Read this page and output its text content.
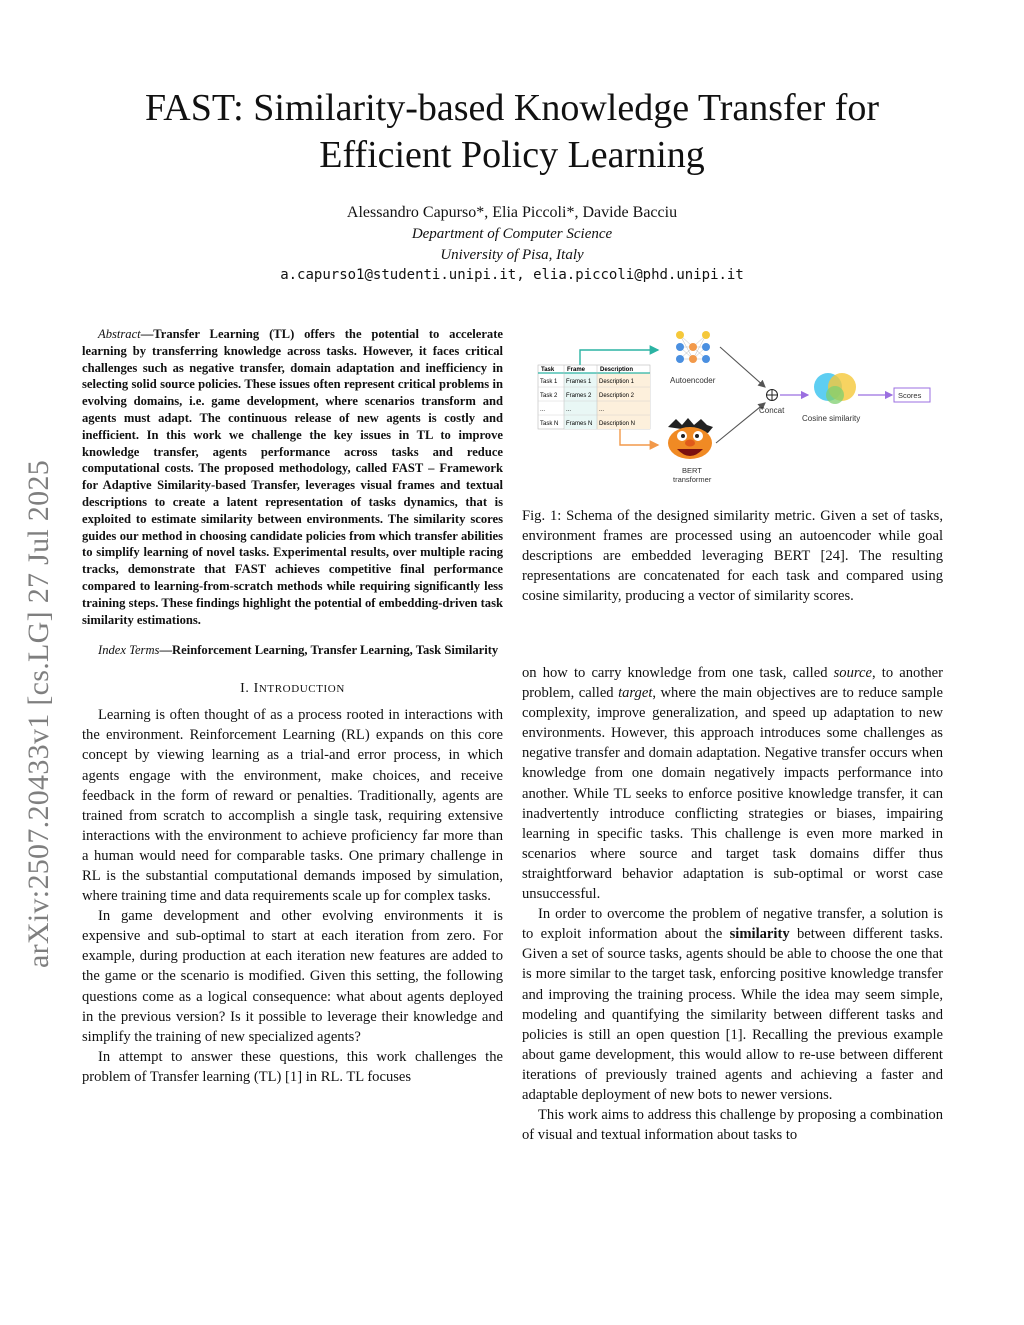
arXiv:2507.20433v1 [cs.LG] 27 Jul 2025
FAST: Similarity-based Knowledge Transfer for Efficient Policy Learning
Alessandro Capurso*, Elia Piccoli*, Davide Bacciu
Department of Computer Science
University of Pisa, Italy
a.capurso1@studenti.unipi.it, elia.piccoli@phd.unipi.it

Abstract—Transfer Learning (TL) offers the potential to accelerate learning by transferring knowledge across tasks. However, it faces critical challenges such as negative transfer, domain adaptation and inefficiency in selecting solid source policies. These issues often represent critical problems in evolving domains, i.e. game development, where scenarios transform and agents must adapt. The continuous release of new agents is costly and inefficient. In this work we challenge the key issues in TL to improve knowledge transfer, agents performance across tasks and reduce computational costs. The proposed methodology, called FAST – Framework for Adaptive Similarity-based Transfer, leverages visual frames and textual descriptions to create a latent representation of tasks dynamics, that is exploited to estimate similarity between environments. The similarity scores guides our method in choosing candidate policies from which transfer abilities to simplify learning of novel tasks. Experimental results, over multiple racing tracks, demonstrate that FAST achieves competitive final performance compared to learning-from-scratch methods while requiring significantly less training steps. These findings highlight the potential of embedding-driven task similarity estimations.

Index Terms—Reinforcement Learning, Transfer Learning, Task Similarity

I. INTRODUCTION

Learning is often thought of as a process rooted in interactions with the environment. Reinforcement Learning (RL) expands on this core concept by viewing learning as a trial-and error process, in which agents engage with the environment, make choices, and receive feedback in the form of reward or penalties. Traditionally, agents are trained from scratch to accomplish a single task, requiring extensive interactions with the environment to achieve proficiency far more than a human would need for comparable tasks. One primary challenge in RL is the substantial computational demands imposed by simulation, where training time and data requirements scale up for complex tasks.

In game development and other evolving environments it is expensive and sub-optimal to start at each iteration from zero. For example, during production at each iteration new features are added to the game or the scenario is modified. Given this setting, the following questions come as a logical consequence: what about agents deployed in the previous version? Is it possible to leverage their knowledge and simplify the training of new specialized agents?

In attempt to answer these questions, this work challenges the problem of Transfer learning (TL) [1] in RL. TL focuses

Task Frame Description
Task 1 Frames 1 Description 1
Task 2 Frames 2 Description 2
...	...	...
Task N Frames N Description N
Autoencoder
BERT
transformer
Concat
Cosine similarity
Scores

Fig. 1: Schema of the designed similarity metric. Given a set of tasks, environment frames are processed using an autoencoder while goal descriptions are embedded leveraging BERT [24]. The resulting representations are concatenated for each task and compared using cosine similarity, producing a vector of similarity scores.

on how to carry knowledge from one task, called source, to another problem, called target, where the main objectives are to reduce sample complexity, improve generalization, and speed up adaptation to new environments. However, this approach introduces some challenges as negative transfer and domain adaptation. Negative transfer occurs when knowledge from one domain negatively impacts performance into another. While TL seeks to enforce positive knowledge transfer, it can inadvertently introduce conflicting strategies or biases, impairing learning in specific tasks. This challenge is even more marked in scenarios where source and target task domains differ thus straightforward behavior adaptation is sub-optimal or worst case unsuccessful.

In order to overcome the problem of negative transfer, a solution is to exploit information about the similarity between different tasks. Given a set of source tasks, agents should be able to choose the one that is more similar to the target task, enforcing positive knowledge transfer and improving the training process. While the idea may seem simple, modeling and quantifying the similarity between different tasks and policies is still an open question [1]. Recalling the previous example about game development, this would allow to re-use between different iterations of previously trained agents and achieving a faster and adaptable deployment of new bots to newer versions.

This work aims to address this challenge by proposing a combination of visual and textual information about tasks to
